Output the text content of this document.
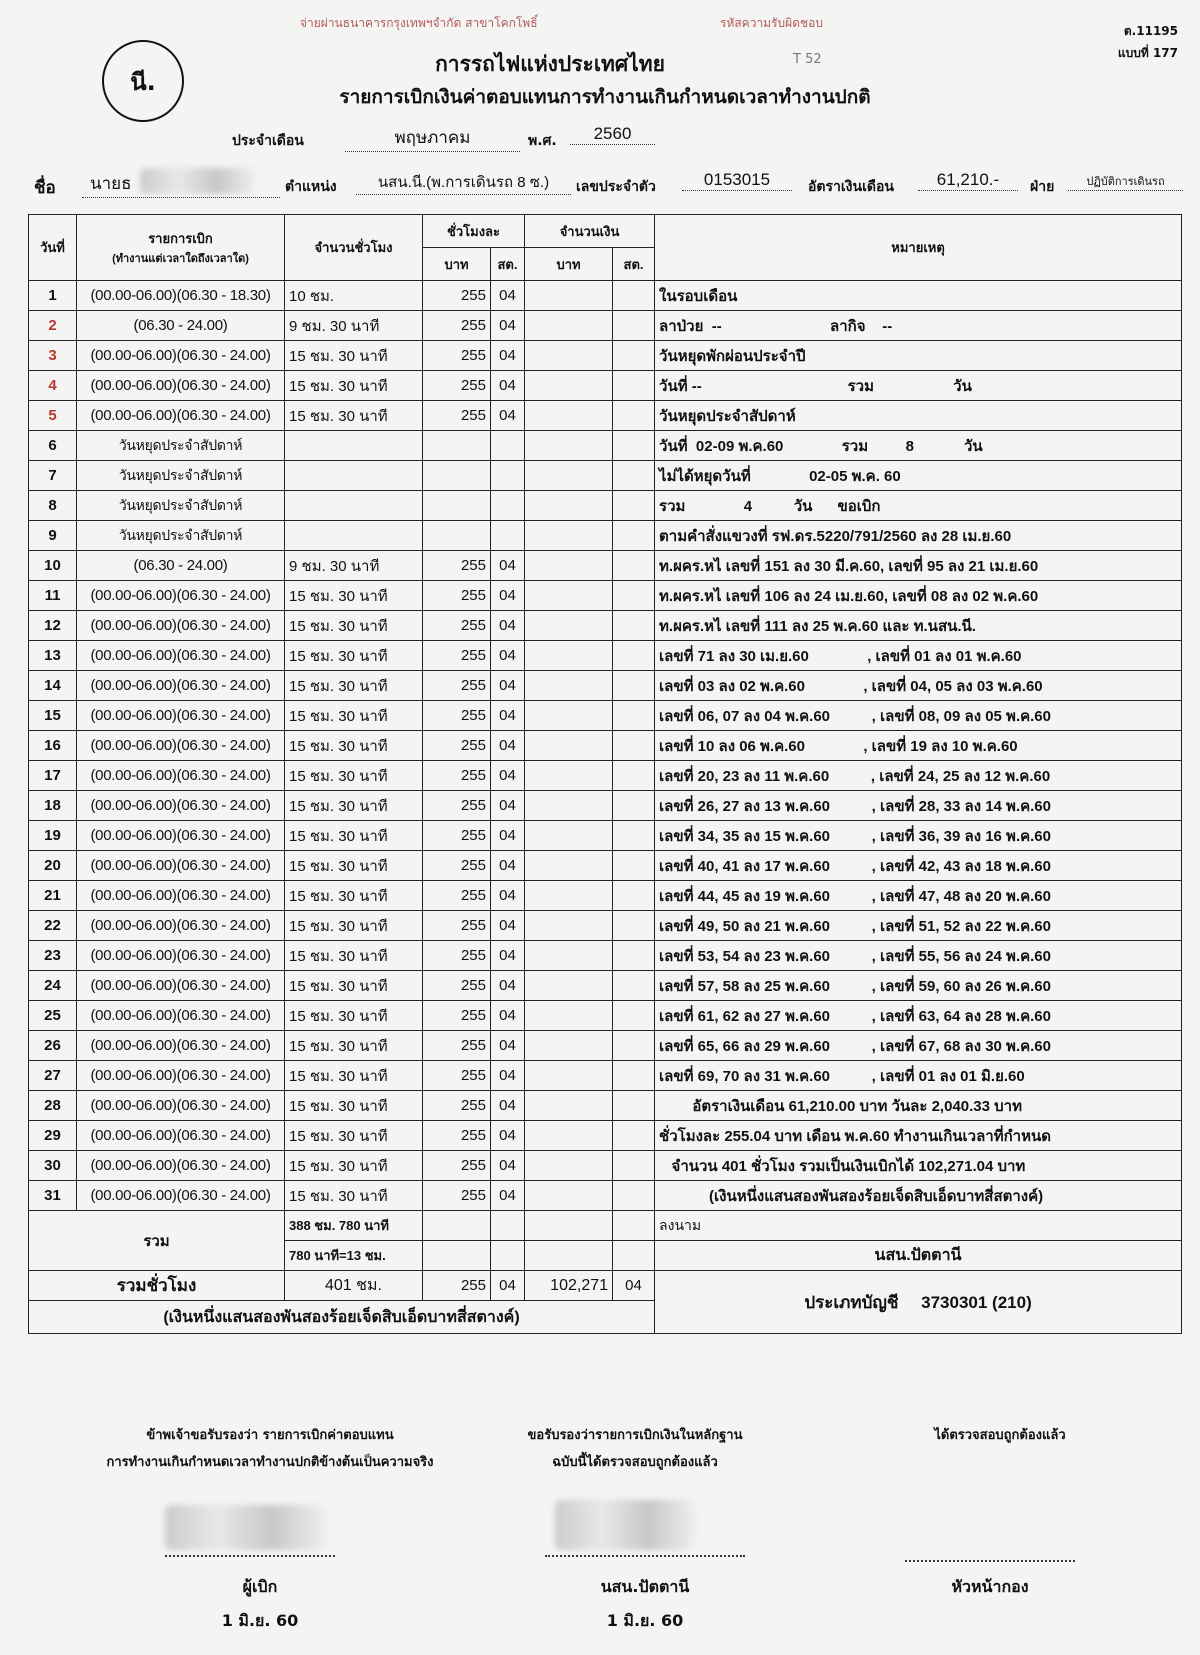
จ่ายผ่านธนาคารกรุงเทพฯจำกัด สาขาโคกโพธิ์	รหัสความรับผิดชอบ
ต.11195
แบบที่ 177
T 52
นี.
การรถไฟแห่งประเทศไทย
รายการเบิกเงินค่าตอบแทนการทำงานเกินกำหนดเวลาทำงานปกติ
ประจำเดือน	พฤษภาคม	พ.ศ.	2560
ชื่อ	นายธ	ตำแหน่ง	นสน.นี.(พ.การเดินรถ 8 ซ.)	เลขประจำตัว	0153015	อัตราเงินเดือน	61,210.-	ฝ่าย	ปฏิบัติการเดินรถ
วันที่	รายการเบิก
(ทำงานแต่เวลาใดถึงเวลาใด)	จำนวนชั่วโมง	ชั่วโมงละ		จำนวนเงิน		หมายเหตุ
			บาท	สต.	บาท	สต.	
1	(00.00-06.00)(06.30 - 18.30)	10 ชม.	255	04			ในรอบเดือน
2	(06.30 - 24.00)	9 ชม. 30 นาที	255	04			ลาป่วย  --                          ลากิจ    --
3	(00.00-06.00)(06.30 - 24.00)	15 ชม. 30 นาที	255	04			วันหยุดพักผ่อนประจำปี
4	(00.00-06.00)(06.30 - 24.00)	15 ชม. 30 นาที	255	04			วันที่ --                                   รวม                   วัน
5	(00.00-06.00)(06.30 - 24.00)	15 ชม. 30 นาที	255	04			วันหยุดประจำสัปดาห์
6	วันหยุดประจำสัปดาห์						วันที่  02-09 พ.ค.60              รวม         8            วัน
7	วันหยุดประจำสัปดาห์						ไม่ได้หยุดวันที่              02-05 พ.ค. 60
8	วันหยุดประจำสัปดาห์						รวม              4          วัน      ขอเบิก
9	วันหยุดประจำสัปดาห์						ตามคำสั่งแขวงที่ รฟ.ดร.5220/791/2560 ลง 28 เม.ย.60
10	(06.30 - 24.00)	9 ชม. 30 นาที	255	04			ท.ผคร.หไ เลขที่ 151 ลง 30 มี.ค.60, เลขที่ 95 ลง 21 เม.ย.60
11	(00.00-06.00)(06.30 - 24.00)	15 ชม. 30 นาที	255	04			ท.ผคร.หไ เลขที่ 106 ลง 24 เม.ย.60, เลขที่ 08 ลง 02 พ.ค.60
12	(00.00-06.00)(06.30 - 24.00)	15 ชม. 30 นาที	255	04			ท.ผคร.หไ เลขที่ 111 ลง 25 พ.ค.60 และ ท.นสน.นี.
13	(00.00-06.00)(06.30 - 24.00)	15 ชม. 30 นาที	255	04			เลขที่ 71 ลง 30 เม.ย.60              , เลขที่ 01 ลง 01 พ.ค.60
14	(00.00-06.00)(06.30 - 24.00)	15 ชม. 30 นาที	255	04			เลขที่ 03 ลง 02 พ.ค.60              , เลขที่ 04, 05 ลง 03 พ.ค.60
15	(00.00-06.00)(06.30 - 24.00)	15 ชม. 30 นาที	255	04			เลขที่ 06, 07 ลง 04 พ.ค.60          , เลขที่ 08, 09 ลง 05 พ.ค.60
16	(00.00-06.00)(06.30 - 24.00)	15 ชม. 30 นาที	255	04			เลขที่ 10 ลง 06 พ.ค.60              , เลขที่ 19 ลง 10 พ.ค.60
17	(00.00-06.00)(06.30 - 24.00)	15 ชม. 30 นาที	255	04			เลขที่ 20, 23 ลง 11 พ.ค.60          , เลขที่ 24, 25 ลง 12 พ.ค.60
18	(00.00-06.00)(06.30 - 24.00)	15 ชม. 30 นาที	255	04			เลขที่ 26, 27 ลง 13 พ.ค.60          , เลขที่ 28, 33 ลง 14 พ.ค.60
19	(00.00-06.00)(06.30 - 24.00)	15 ชม. 30 นาที	255	04			เลขที่ 34, 35 ลง 15 พ.ค.60          , เลขที่ 36, 39 ลง 16 พ.ค.60
20	(00.00-06.00)(06.30 - 24.00)	15 ชม. 30 นาที	255	04			เลขที่ 40, 41 ลง 17 พ.ค.60          , เลขที่ 42, 43 ลง 18 พ.ค.60
21	(00.00-06.00)(06.30 - 24.00)	15 ชม. 30 นาที	255	04			เลขที่ 44, 45 ลง 19 พ.ค.60          , เลขที่ 47, 48 ลง 20 พ.ค.60
22	(00.00-06.00)(06.30 - 24.00)	15 ชม. 30 นาที	255	04			เลขที่ 49, 50 ลง 21 พ.ค.60          , เลขที่ 51, 52 ลง 22 พ.ค.60
23	(00.00-06.00)(06.30 - 24.00)	15 ชม. 30 นาที	255	04			เลขที่ 53, 54 ลง 23 พ.ค.60          , เลขที่ 55, 56 ลง 24 พ.ค.60
24	(00.00-06.00)(06.30 - 24.00)	15 ชม. 30 นาที	255	04			เลขที่ 57, 58 ลง 25 พ.ค.60          , เลขที่ 59, 60 ลง 26 พ.ค.60
25	(00.00-06.00)(06.30 - 24.00)	15 ชม. 30 นาที	255	04			เลขที่ 61, 62 ลง 27 พ.ค.60          , เลขที่ 63, 64 ลง 28 พ.ค.60
26	(00.00-06.00)(06.30 - 24.00)	15 ชม. 30 นาที	255	04			เลขที่ 65, 66 ลง 29 พ.ค.60          , เลขที่ 67, 68 ลง 30 พ.ค.60
27	(00.00-06.00)(06.30 - 24.00)	15 ชม. 30 นาที	255	04			เลขที่ 69, 70 ลง 31 พ.ค.60          , เลขที่ 01 ลง 01 มิ.ย.60
28	(00.00-06.00)(06.30 - 24.00)	15 ชม. 30 นาที	255	04			อัตราเงินเดือน 61,210.00 บาท วันละ 2,040.33 บาท
29	(00.00-06.00)(06.30 - 24.00)	15 ชม. 30 นาที	255	04			ชั่วโมงละ 255.04 บาท เดือน พ.ค.60 ทำงานเกินเวลาที่กำหนด
30	(00.00-06.00)(06.30 - 24.00)	15 ชม. 30 นาที	255	04			จำนวน 401 ชั่วโมง รวมเป็นเงินเบิกได้ 102,271.04 บาท
31	(00.00-06.00)(06.30 - 24.00)	15 ชม. 30 นาที	255	04			(เงินหนึ่งแสนสองพันสองร้อยเจ็ดสิบเอ็ดบาทสี่สตางค์)
รวม		388 ชม. 780 นาที					ลงนาม
		780 นาที=13 ชม.					นสน.ปัตตานี
รวมชั่วโมง		401 ชม.	255	04	102,271	04	ประเภทบัญชี 3730301 (210)
(เงินหนึ่งแสนสองพันสองร้อยเจ็ดสิบเอ็ดบาทสี่สตางค์)							
ข้าพเจ้าขอรับรองว่า รายการเบิกค่าตอบแทน
การทำงานเกินกำหนดเวลาทำงานปกติข้างต้นเป็นความจริง
ขอรับรองว่ารายการเบิกเงินในหลักฐาน
ฉบับนี้ได้ตรวจสอบถูกต้องแล้ว
ได้ตรวจสอบถูกต้องแล้ว
ผู้เบิก
1 มิ.ย. 60
นสน.ปัตตานี
1 มิ.ย. 60
หัวหน้ากอง
